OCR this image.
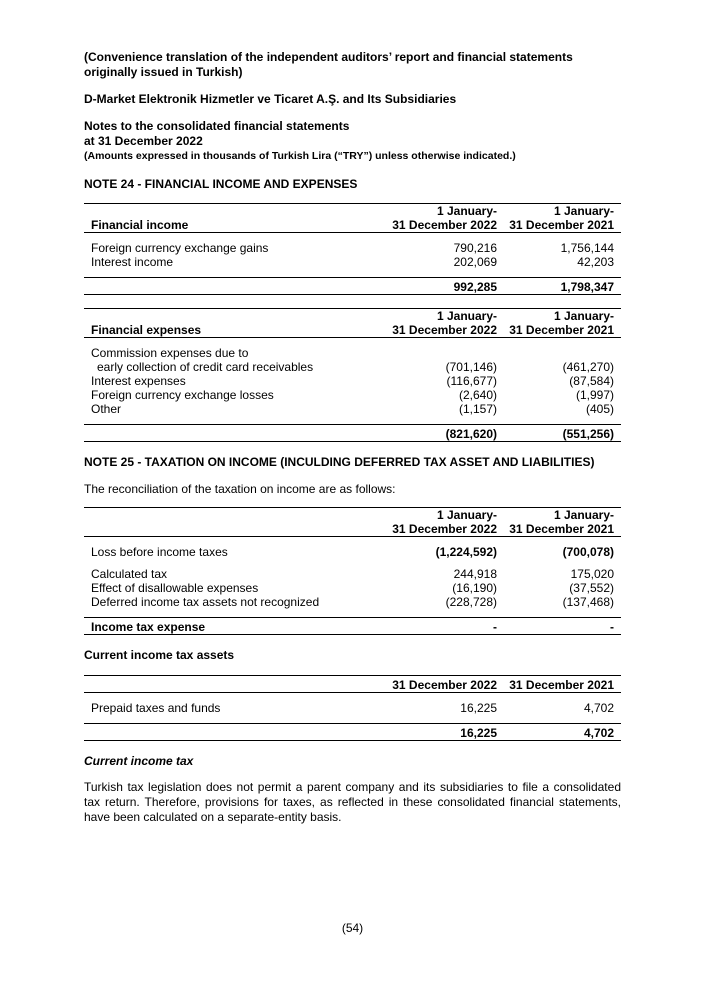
(Convenience translation of the independent auditors’ report and financial statements originally issued in Turkish)

D-Market Elektronik Hizmetler ve Ticaret A.Ş. and Its Subsidiaries

Notes to the consolidated financial statements

at 31 December 2022

(Amounts expressed in thousands of Turkish Lira (“TRY”) unless otherwise indicated.)

NOTE 24 - FINANCIAL INCOME AND EXPENSES

	1 January-	1 January-
Financial income	31 December 2022	31 December 2021

Foreign currency exchange gains	790,216	1,756,144
Interest income	202,069	42,203

	992,285	1,798,347
	1 January-	1 January-
Financial expenses	31 December 2022	31 December 2021

Commission expenses due to		
early collection of credit card receivables	(701,146)	(461,270)
Interest expenses	(116,677)	(87,584)
Foreign currency exchange losses	(2,640)	(1,997)
Other	(1,157)	(405)

	(821,620)	(551,256)

NOTE 25 - TAXATION ON INCOME (INCULDING DEFERRED TAX ASSET AND LIABILITIES)

The reconciliation of the taxation on income are as follows:

	1 January-	1 January-
	31 December 2022	31 December 2021

Loss before income taxes	(1,224,592)	(700,078)

Calculated tax	244,918	175,020
Effect of disallowable expenses	(16,190)	(37,552)
Deferred income tax assets not recognized	(228,728)	(137,468)

Income tax expense	-	-

Current income tax assets

	31 December 2022	31 December 2021

Prepaid taxes and funds	16,225	4,702

	16,225	4,702

Current income tax

Turkish tax legislation does not permit a parent company and its subsidiaries to file a consolidated tax return. Therefore, provisions for taxes, as reflected in these consolidated financial statements, have been calculated on a separate-entity basis.

(54)
